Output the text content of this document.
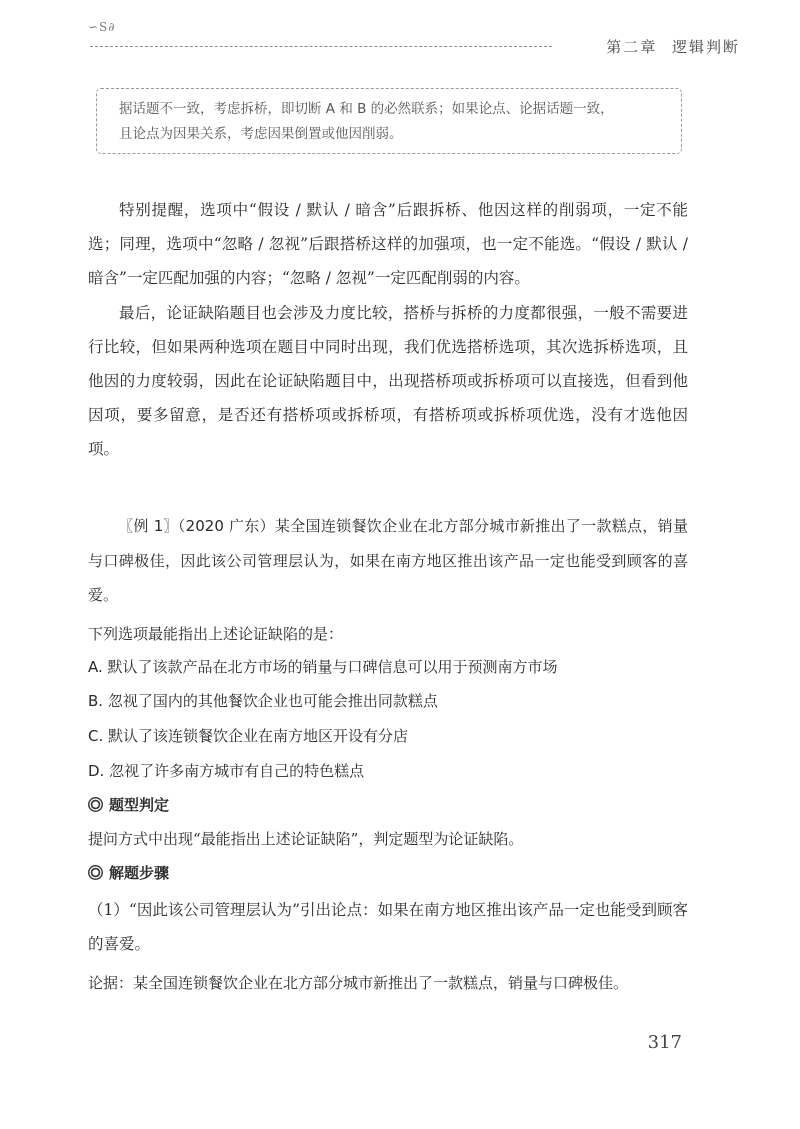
∽S∂
第二章 逻辑判断

据话题不一致，考虑拆桥，即切断 A 和 B 的必然联系；如果论点、论据话题一致，

且论点为因果关系，考虑因果倒置或他因削弱。

特别提醒，选项中“假设 / 默认 / 暗含”后跟拆桥、他因这样的削弱项，一定不能选；同理，选项中“忽略 / 忽视”后跟搭桥这样的加强项，也一定不能选。“假设 / 默认 / 暗含”一定匹配加强的内容；“忽略 / 忽视”一定匹配削弱的内容。

最后，论证缺陷题目也会涉及力度比较，搭桥与拆桥的力度都很强，一般不需要进行比较，但如果两种选项在题目中同时出现，我们优选搭桥选项，其次选拆桥选项，且他因的力度较弱，因此在论证缺陷题目中，出现搭桥项或拆桥项可以直接选，但看到他因项，要多留意，是否还有搭桥项或拆桥项，有搭桥项或拆桥项优选，没有才选他因项。

〖例 1〗（2020 广东）某全国连锁餐饮企业在北方部分城市新推出了一款糕点，销量与口碑极佳，因此该公司管理层认为，如果在南方地区推出该产品一定也能受到顾客的喜爱。

下列选项最能指出上述论证缺陷的是：

A. 默认了该款产品在北方市场的销量与口碑信息可以用于预测南方市场

B. 忽视了国内的其他餐饮企业也可能会推出同款糕点

C. 默认了该连锁餐饮企业在南方地区开设有分店

D. 忽视了许多南方城市有自己的特色糕点

题型判定

提问方式中出现“最能指出上述论证缺陷”，判定题型为论证缺陷。

解题步骤

（1）“因此该公司管理层认为”引出论点：如果在南方地区推出该产品一定也能受到顾客的喜爱。

论据：某全国连锁餐饮企业在北方部分城市新推出了一款糕点，销量与口碑极佳。

317
